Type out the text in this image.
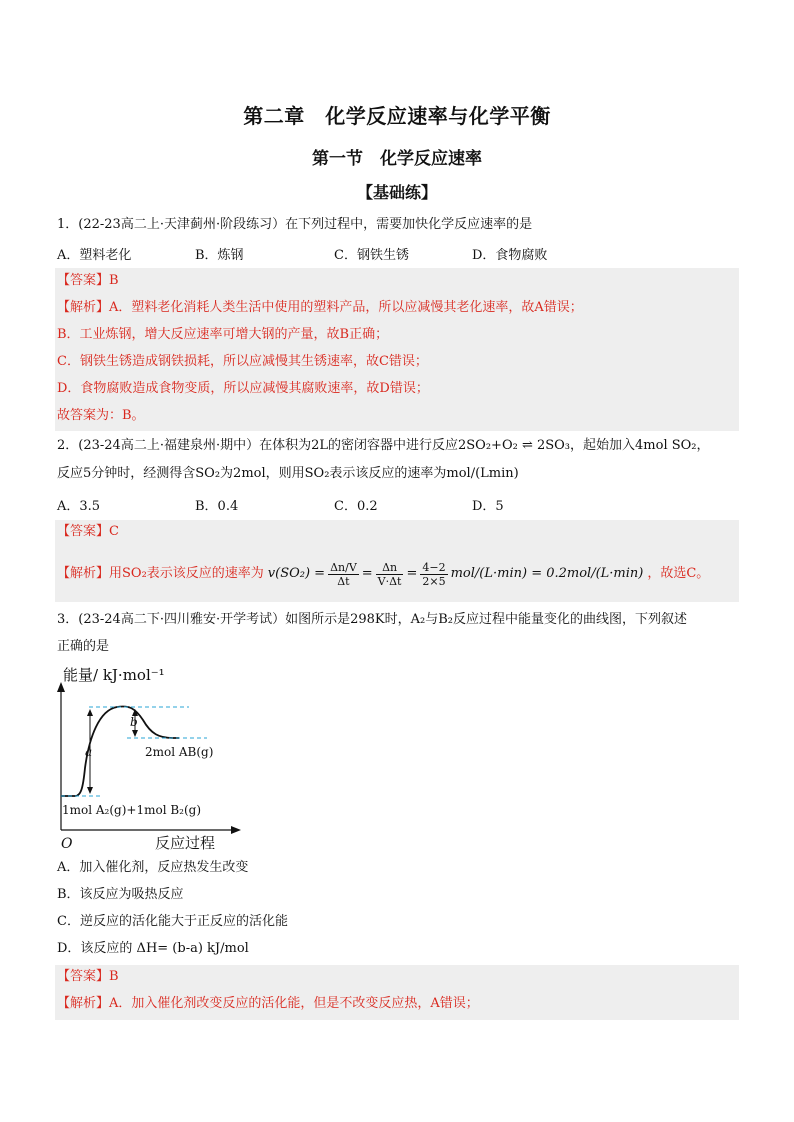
第二章　化学反应速率与化学平衡
第一节　化学反应速率
【基础练】
1．(22-23高二上·天津蓟州·阶段练习）在下列过程中，需要加快化学反应速率的是
A．塑料老化	B．炼钢	C．钢铁生锈	D．食物腐败
【答案】B
【解析】A．塑料老化消耗人类生活中使用的塑料产品，所以应减慢其老化速率，故A错误；
B．工业炼钢，增大反应速率可增大钢的产量，故B正确；
C．钢铁生锈造成钢铁损耗，所以应减慢其生锈速率，故C错误；
D．食物腐败造成食物变质，所以应减慢其腐败速率，故D错误；
故答案为：B。
2．(23-24高二上·福建泉州·期中）在体积为2L的密闭容器中进行反应2SO₂+O₂ ⇌ 2SO₃，起始加入4mol SO₂，
反应5分钟时，经测得含SO₂为2mol，则用SO₂表示该反应的速率为mol/(Lmin)
A．3.5	B．0.4	C．0.2	D．5
【答案】C
【解析】用SO₂表示该反应的速率为 $v(SO_2) = \frac{\Delta n/V}{\Delta t} = \frac{\Delta n}{V\cdot\Delta t} = \frac{4-2}{2\times 5} mol/(L\cdot\min) = 0.2mol/(L\cdot\min)$ ，故选C。
3．(23-24高二下·四川雅安·开学考试）如图所示是298K时，A₂与B₂反应过程中能量变化的曲线图，下列叙述
正确的是
能量/ kJ·mol⁻¹
O	反应过程
a
b
2mol AB(g)
1mol A₂(g)+1mol B₂(g)
A．加入催化剂，反应热发生改变
B．该反应为吸热反应
C．逆反应的活化能大于正反应的活化能
D．该反应的 ΔH= (b-a) kJ/mol
【答案】B
【解析】A．加入催化剂改变反应的活化能，但是不改变反应热，A错误；
